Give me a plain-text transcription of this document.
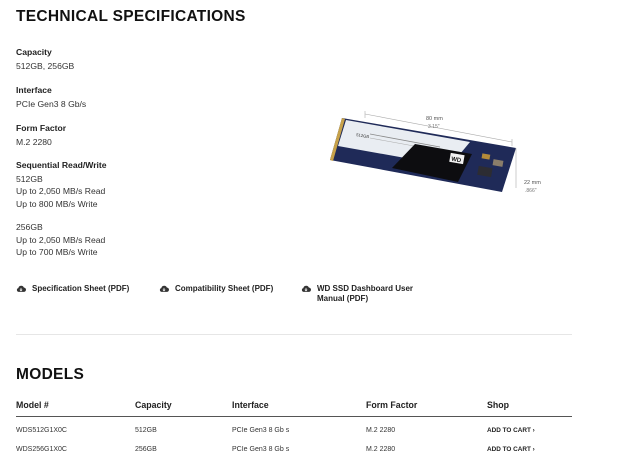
TECHNICAL SPECIFICATIONS
Capacity
512GB, 256GB
Interface
PCIe Gen3 8 Gb/s
Form Factor
M.2 2280
Sequential Read/Write
512GB
Up to 2,050 MB/s Read
Up to 800 MB/s Write
256GB
Up to 2,050 MB/s Read
Up to 700 MB/s Write
80 mm
3.15"
512GB
WD
22 mm
.866"
Specification Sheet (PDF)	Compatibility Sheet (PDF)	WD SSD Dashboard User Manual (PDF)
MODELS
Model #	Capacity	Interface	Form Factor	Shop
WDS512G1X0C	512GB	PCIe Gen3 8 Gb s	M.2 2280	ADD TO CART ›
WDS256G1X0C	256GB	PCIe Gen3 8 Gb s	M.2 2280	ADD TO CART ›
